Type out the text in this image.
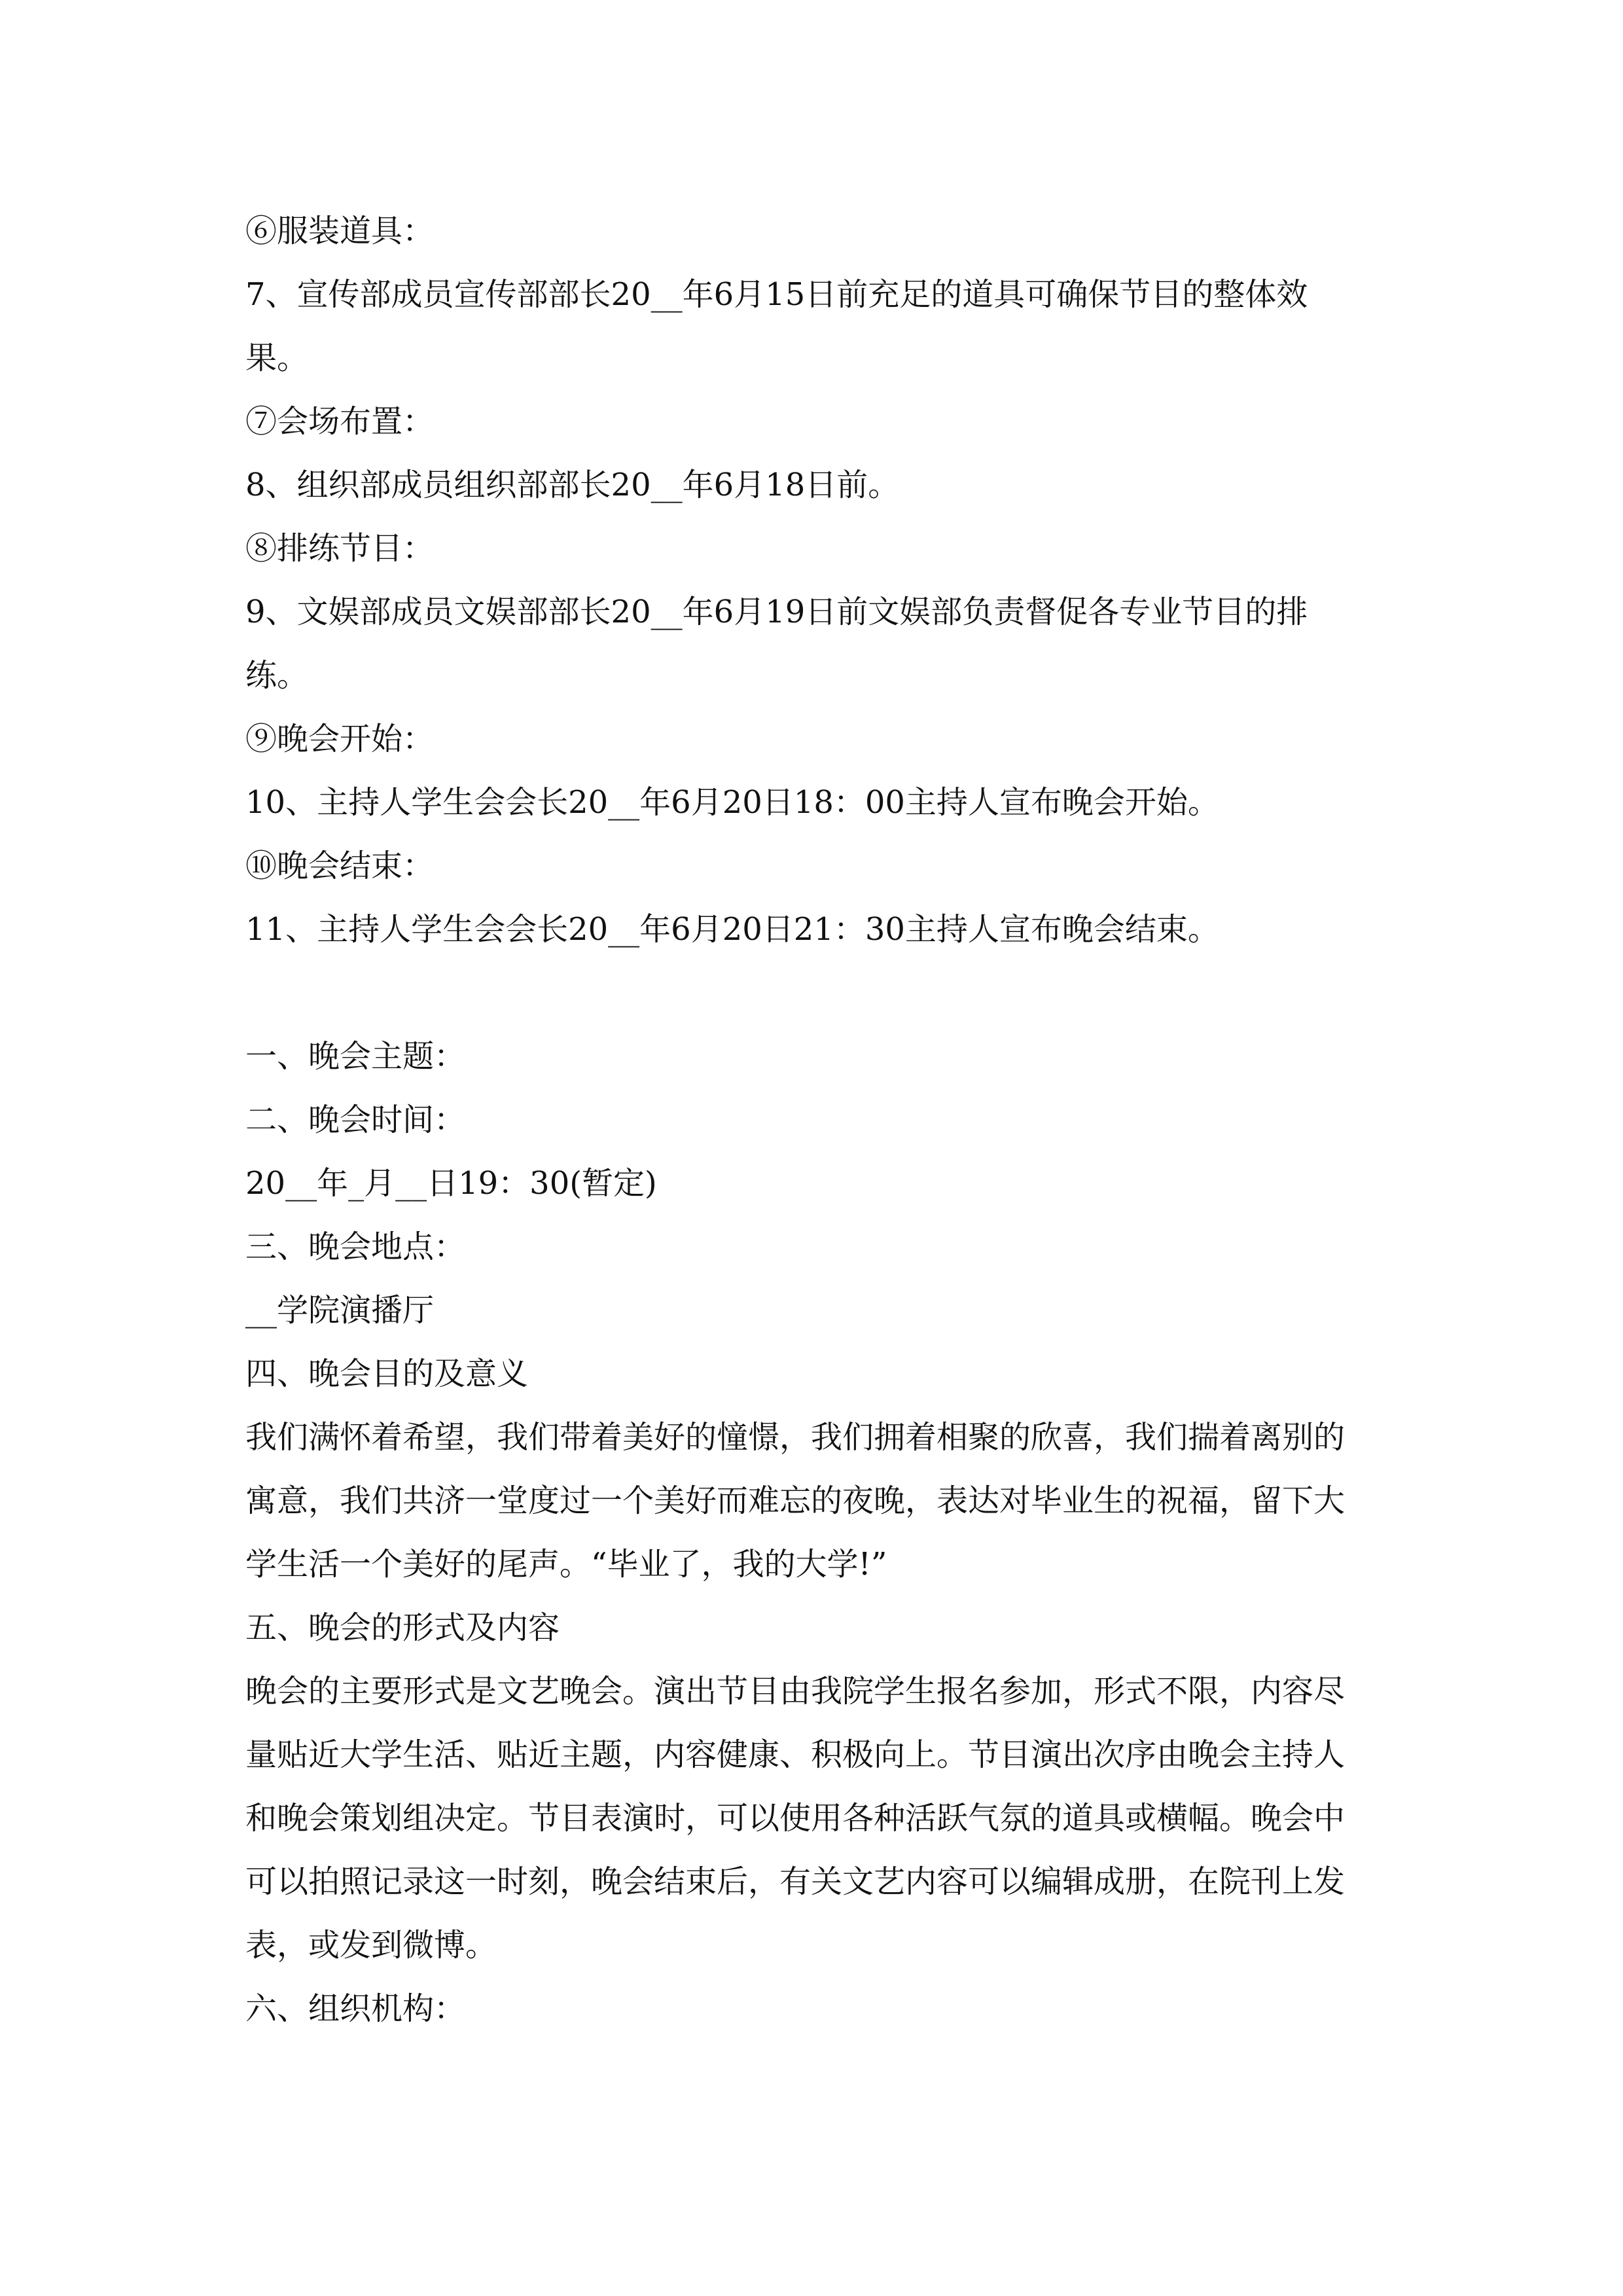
⑥服装道具：
7、宣传部成员宣传部部长20__年6月15日前充足的道具可确保节目的整体效
果。
⑦会场布置：
8、组织部成员组织部部长20__年6月18日前。
⑧排练节目：
9、文娱部成员文娱部部长20__年6月19日前文娱部负责督促各专业节目的排
练。
⑨晚会开始：
10、主持人学生会会长20__年6月20日18：00主持人宣布晚会开始。
⑩晚会结束：
11、主持人学生会会长20__年6月20日21：30主持人宣布晚会结束。
一、晚会主题：
二、晚会时间：
20__年_月__日19：30(暂定)
三、晚会地点：
__学院演播厅
四、晚会目的及意义
我们满怀着希望，我们带着美好的憧憬，我们拥着相聚的欣喜，我们揣着离别的
寓意，我们共济一堂度过一个美好而难忘的夜晚，表达对毕业生的祝福，留下大
学生活一个美好的尾声。“毕业了，我的大学!”
五、晚会的形式及内容
晚会的主要形式是文艺晚会。演出节目由我院学生报名参加，形式不限，内容尽
量贴近大学生活、贴近主题，内容健康、积极向上。节目演出次序由晚会主持人
和晚会策划组决定。节目表演时，可以使用各种活跃气氛的道具或横幅。晚会中
可以拍照记录这一时刻，晚会结束后，有关文艺内容可以编辑成册，在院刊上发
表，或发到微博。
六、组织机构：
